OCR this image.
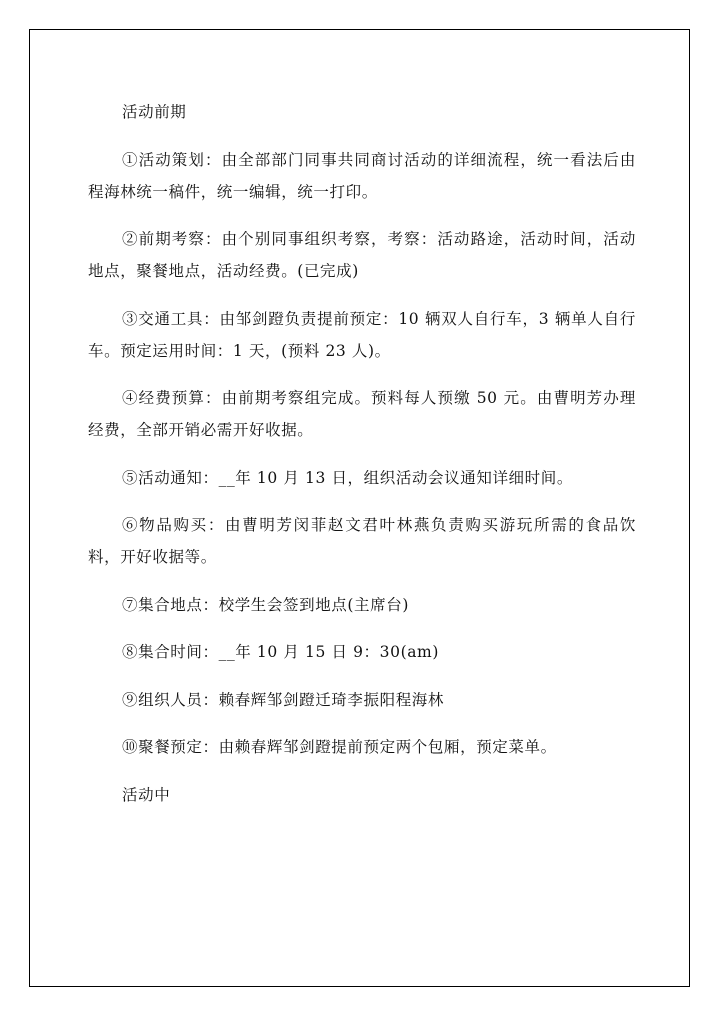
活动前期

①活动策划：由全部部门同事共同商讨活动的详细流程，统一看法后由程海林统一稿件，统一编辑，统一打印。

②前期考察：由个别同事组织考察，考察：活动路途，活动时间，活动地点，聚餐地点，活动经费。(已完成)

③交通工具：由邹剑蹬负责提前预定：10 辆双人自行车，3 辆单人自行车。预定运用时间：1 天，(预料 23 人)。

④经费预算：由前期考察组完成。预料每人预缴 50 元。由曹明芳办理经费，全部开销必需开好收据。

⑤活动通知：__年 10 月 13 日，组织活动会议通知详细时间。

⑥物品购买：由曹明芳闵菲赵文君叶林燕负责购买游玩所需的食品饮料，开好收据等。

⑦集合地点：校学生会签到地点(主席台)

⑧集合时间：__年 10 月 15 日 9：30(am)

⑨组织人员：赖春辉邹剑蹬迁琦李振阳程海林

⑩聚餐预定：由赖春辉邹剑蹬提前预定两个包厢，预定菜单。

活动中
